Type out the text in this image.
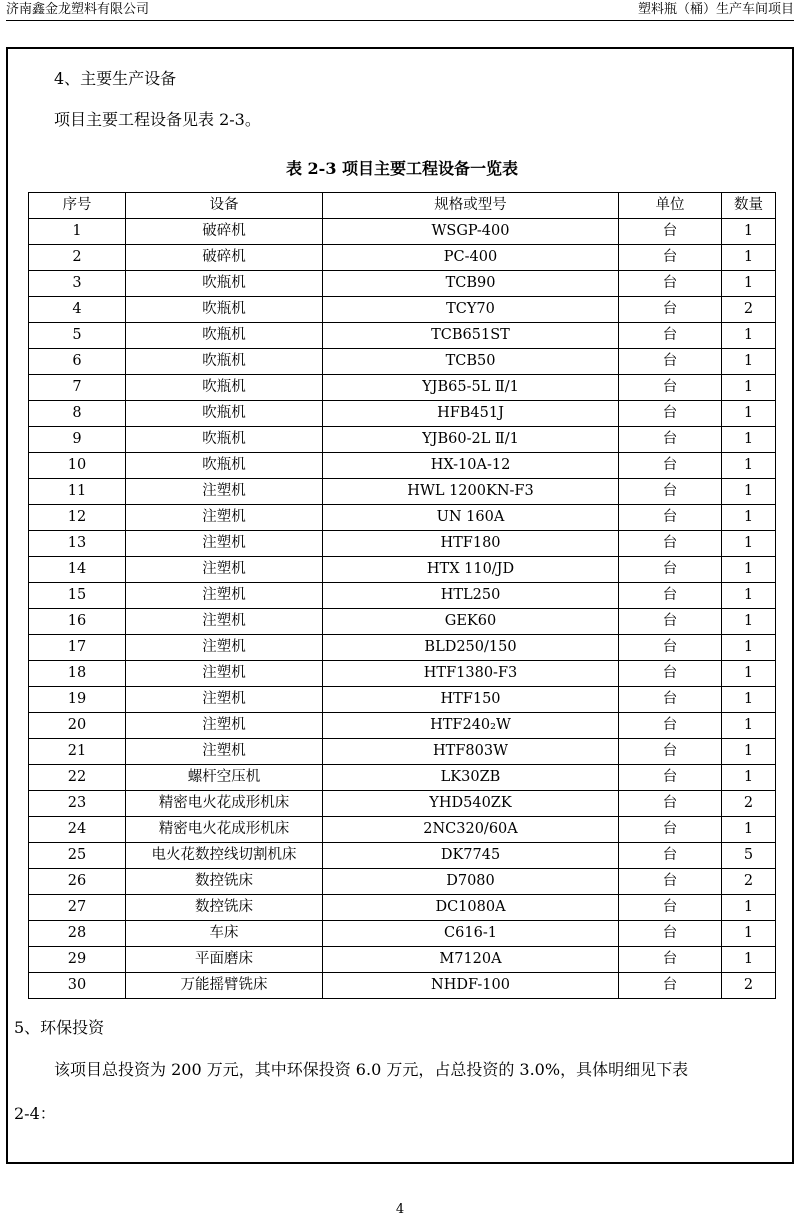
济南鑫金龙塑料有限公司	塑料瓶（桶）生产车间项目
4、主要生产设备
项目主要工程设备见表 2-3。
表 2-3 项目主要工程设备一览表
序号	设备	规格或型号	单位	数量
1	破碎机	WSGP-400	台	1
2	破碎机	PC-400	台	1
3	吹瓶机	TCB90	台	1
4	吹瓶机	TCY70	台	2
5	吹瓶机	TCB651ST	台	1
6	吹瓶机	TCB50	台	1
7	吹瓶机	YJB65-5L Ⅱ/1	台	1
8	吹瓶机	HFB451J	台	1
9	吹瓶机	YJB60-2L Ⅱ/1	台	1
10	吹瓶机	HX-10A-12	台	1
11	注塑机	HWL 1200KN-F3	台	1
12	注塑机	UN 160A	台	1
13	注塑机	HTF180	台	1
14	注塑机	HTX 110/JD	台	1
15	注塑机	HTL250	台	1
16	注塑机	GEK60	台	1
17	注塑机	BLD250/150	台	1
18	注塑机	HTF1380-F3	台	1
19	注塑机	HTF150	台	1
20	注塑机	HTF240₂W	台	1
21	注塑机	HTF803W	台	1
22	螺杆空压机	LK30ZB	台	1
23	精密电火花成形机床	YHD540ZK	台	2
24	精密电火花成形机床	2NC320/60A	台	1
25	电火花数控线切割机床	DK7745	台	5
26	数控铣床	D7080	台	2
27	数控铣床	DC1080A	台	1
28	车床	C616-1	台	1
29	平面磨床	M7120A	台	1
30	万能摇臂铣床	NHDF-100	台	2
5、环保投资
该项目总投资为 200 万元，其中环保投资 6.0 万元，占总投资的 3.0%，具体明细见下表
2-4：
4
